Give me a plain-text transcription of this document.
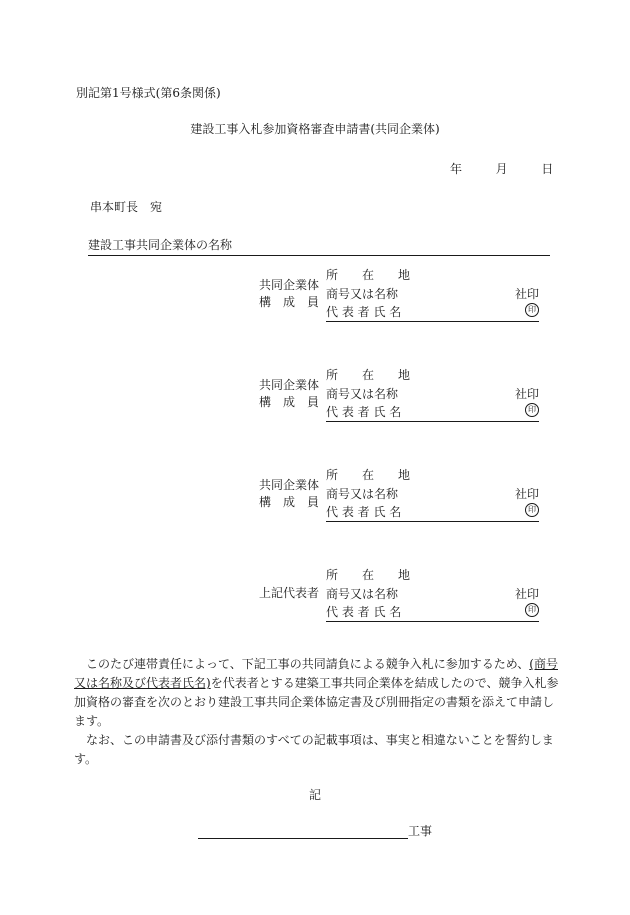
別記第1号様式(第6条関係)
建設工事入札参加資格審査申請書(共同企業体)
年	月	日
串本町長　宛
建設工事共同企業体の名称
共同企業体
構　成　員
所　　在　　地
商号又は名称	社印
代 表 者 氏 名	印
共同企業体
構　成　員
所　　在　　地
商号又は名称	社印
代 表 者 氏 名	印
共同企業体
構　成　員
所　　在　　地
商号又は名称	社印
代 表 者 氏 名	印
上記代表者
所　　在　　地
商号又は名称	社印
代 表 者 氏 名	印

このたび連帯責任によって、下記工事の共同請負による競争入札に参加するため、(商号又は名称及び代表者氏名)を代表者とする建築工事共同企業体を結成したので、競争入札参加資格の審査を次のとおり建設工事共同企業体協定書及び別冊指定の書類を添えて申請します。

なお、この申請書及び添付書類のすべての記載事項は、事実と相違ないことを誓約します。

記
工事
